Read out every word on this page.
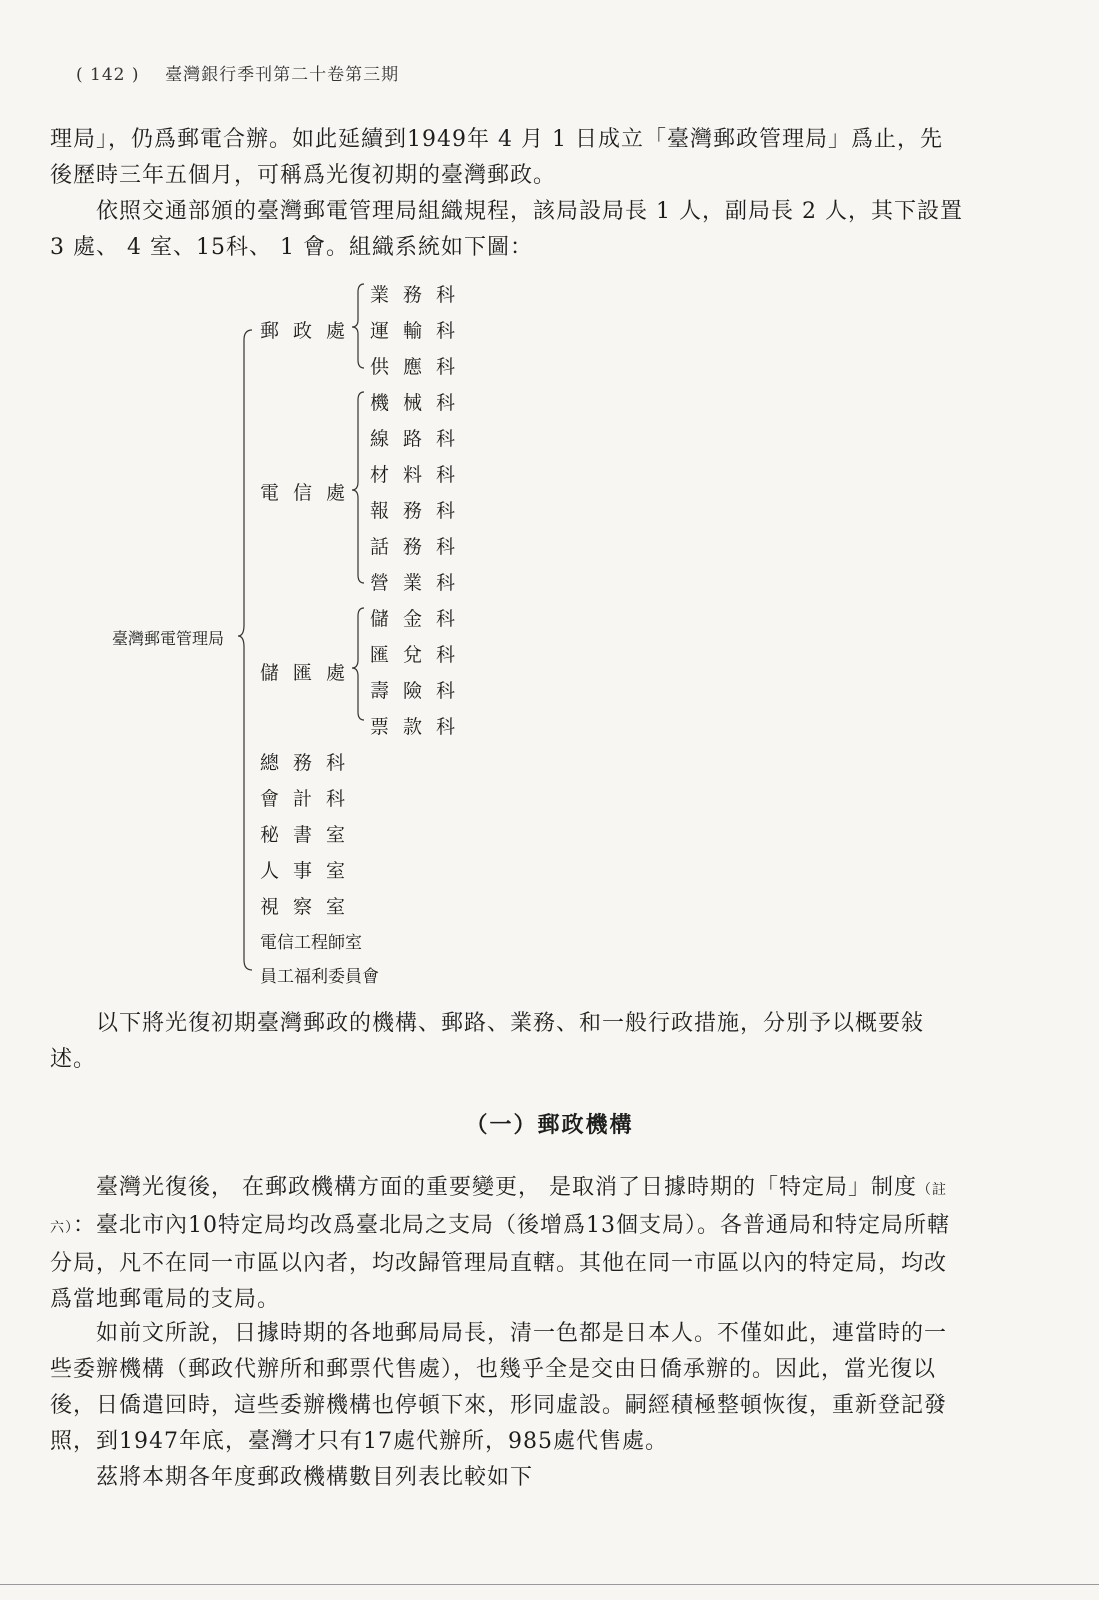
( 142 ) 臺灣銀行季刊第二十卷第三期
理局」，仍爲郵電合辦。如此延續到1949年 4 月 1 日成立「臺灣郵政管理局」爲止，先後歷時三年五個月，可稱爲光復初期的臺灣郵政。
依照交通部頒的臺灣郵電管理局組織規程，該局設局長 1 人，副局長 2 人，其下設置 3 處、 4 室、15科、 1 會。組織系統如下圖：
臺灣郵電管理局
郵政處
業務科
運輸科
供應科
電信處
機械科
線路科
材料科
報務科
話務科
營業科
儲匯處
儲金科
匯兌科
壽險科
票款科
總務科
會計科
秘書室
人事室
視察室
電信工程師室
員工福利委員會
以下將光復初期臺灣郵政的機構、郵路、業務、和一般行政措施，分別予以概要敍述。
（一）郵政機構
臺灣光復後， 在郵政機構方面的重要變更， 是取消了日據時期的「特定局」制度（註六）：臺北市內10特定局均改爲臺北局之支局（後增爲13個支局）。各普通局和特定局所轄分局，凡不在同一市區以內者，均改歸管理局直轄。其他在同一市區以內的特定局，均改爲當地郵電局的支局。
如前文所說，日據時期的各地郵局局長，清一色都是日本人。不僅如此，連當時的一些委辦機構（郵政代辦所和郵票代售處），也幾乎全是交由日僑承辦的。因此，當光復以後，日僑遣回時，這些委辦機構也停頓下來，形同虛設。嗣經積極整頓恢復，重新登記發照，到1947年底，臺灣才只有17處代辦所，985處代售處。
茲將本期各年度郵政機構數目列表比較如下
